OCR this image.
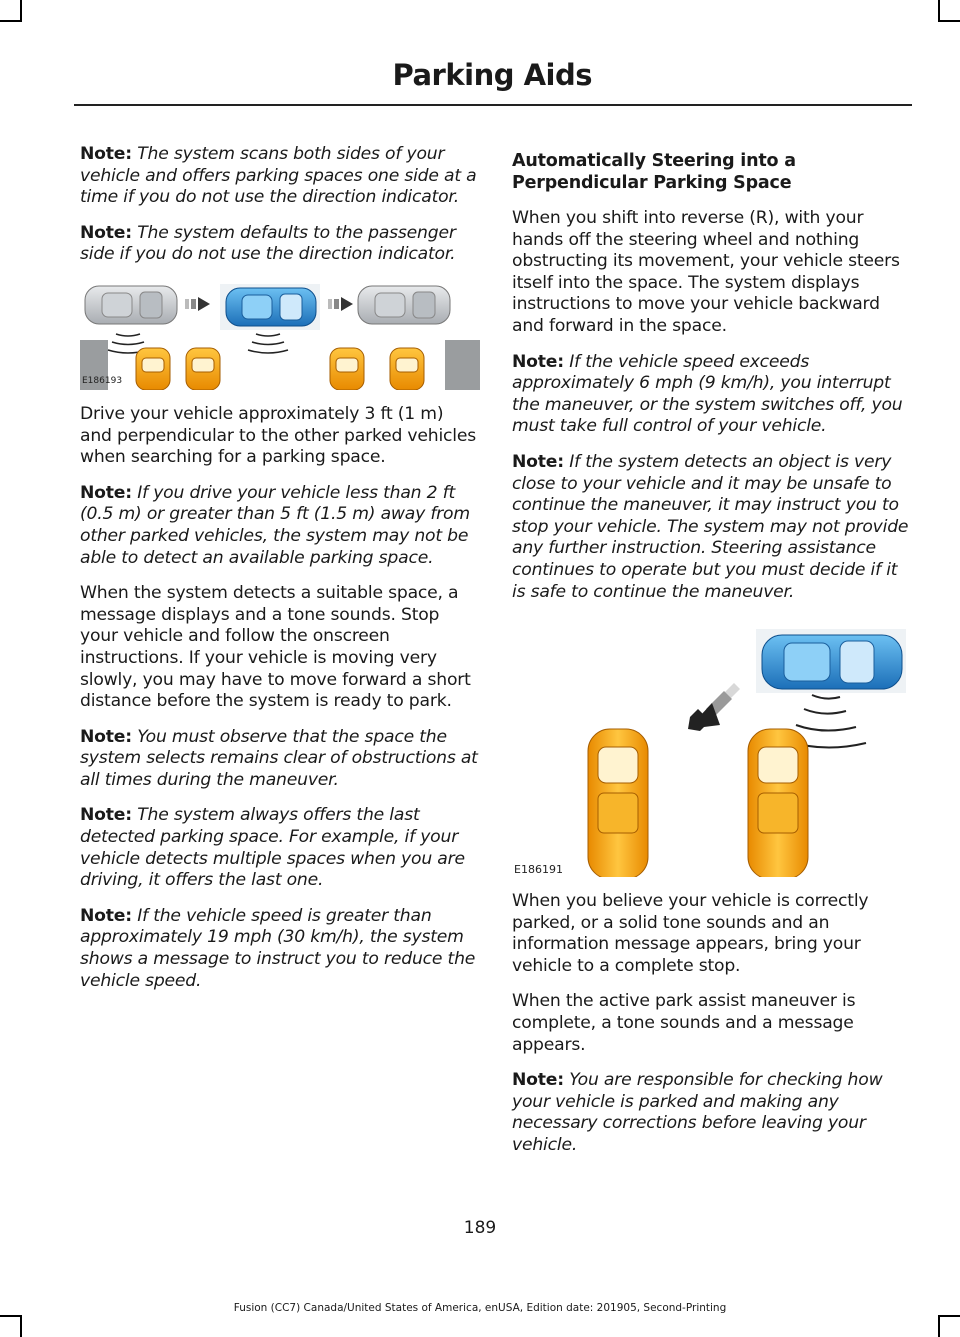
Parking Aids

Note: The system scans both sides of your vehicle and offers parking spaces one side at a time if you do not use the direction indicator.

Note: The system defaults to the passenger side if you do not use the direction indicator.

E186193

Drive your vehicle approximately 3 ft (1 m) and perpendicular to the other parked vehicles when searching for a parking space.

Note: If you drive your vehicle less than 2 ft (0.5 m) or greater than 5 ft (1.5 m) away from other parked vehicles, the system may not be able to detect an available parking space.

When the system detects a suitable space, a message displays and a tone sounds. Stop your vehicle and follow the onscreen instructions. If your vehicle is moving very slowly, you may have to move forward a short distance before the system is ready to park.

Note: You must observe that the space the system selects remains clear of obstructions at all times during the maneuver.

Note: The system always offers the last detected parking space. For example, if your vehicle detects multiple spaces when you are driving, it offers the last one.

Note: If the vehicle speed is greater than approximately 19 mph (30 km/h), the system shows a message to instruct you to reduce the vehicle speed.

Automatically Steering into a Perpendicular Parking Space

When you shift into reverse (R), with your hands off the steering wheel and nothing obstructing its movement, your vehicle steers itself into the space. The system displays instructions to move your vehicle backward and forward in the space.

Note: If the vehicle speed exceeds approximately 6 mph (9 km/h), you interrupt the maneuver, or the system switches off, you must take full control of your vehicle.

Note: If the system detects an object is very close to your vehicle and it may be unsafe to continue the maneuver, it may instruct you to stop your vehicle. The system may not provide any further instruction. Steering assistance continues to operate but you must decide if it is safe to continue the maneuver.

E186191

When you believe your vehicle is correctly parked, or a solid tone sounds and an information message appears, bring your vehicle to a complete stop.

When the active park assist maneuver is complete, a tone sounds and a message appears.

Note: You are responsible for checking how your vehicle is parked and making any necessary corrections before leaving your vehicle.

189
Fusion (CC7) Canada/United States of America, enUSA, Edition date: 201905, Second-Printing
